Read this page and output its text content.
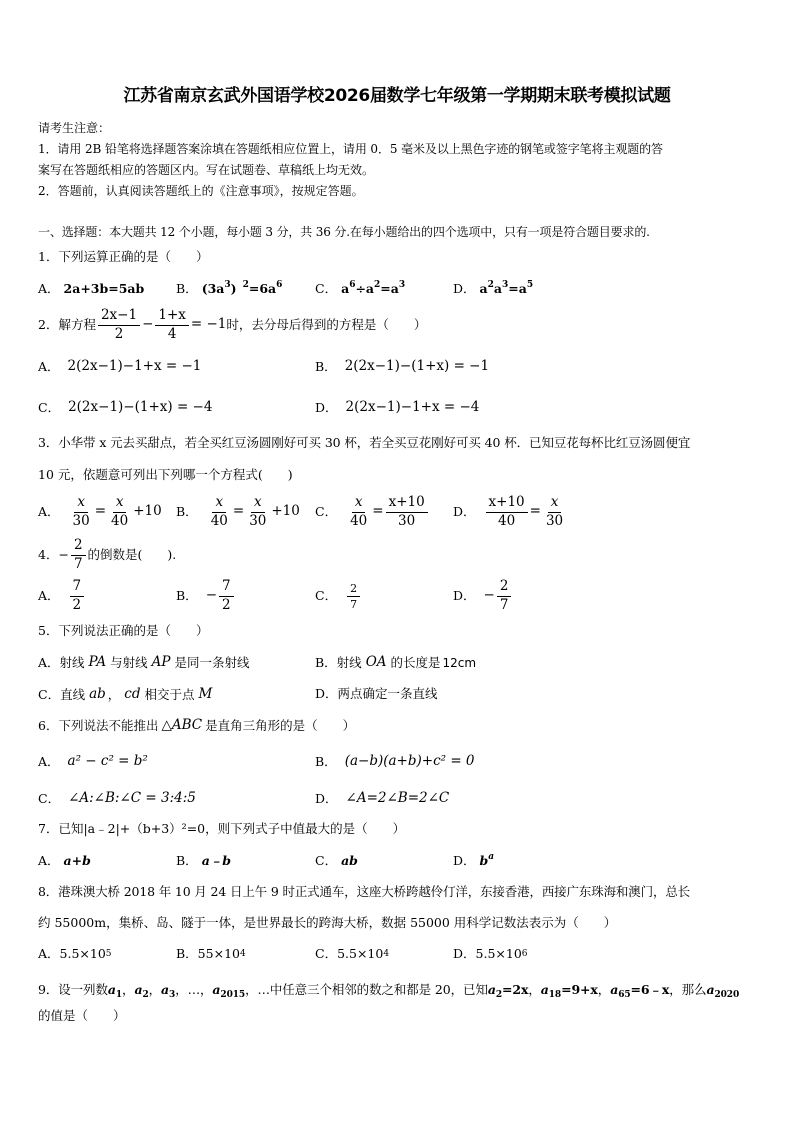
江苏省南京玄武外国语学校2026届数学七年级第一学期期末联考模拟试题
请考生注意：
1．请用 2B 铅笔将选择题答案涂填在答题纸相应位置上，请用 0．5 毫米及以上黑色字迹的钢笔或签字笔将主观题的答
案写在答题纸相应的答题区内。写在试题卷、草稿纸上均无效。
2．答题前，认真阅读答题纸上的《注意事项》，按规定答题。
一、选择题：本大题共 12 个小题，每小题 3 分，共 36 分.在每小题给出的四个选项中，只有一项是符合题目要求的.
1．下列运算正确的是（　　）
A． 2a+3b=5ab	B． $(3a^3)$ $^2=6a^6$	C． $a^6\div a^2=a^3$	D． $a^2a^3=a^5$
2．解方程 $\frac{2x-1}{2} - \frac{1+x}{4} = -1$ 时，去分母后得到的方程是（　　）
A． 2(2x−1)−1+x = −1	B． 2(2x−1)−(1+x) = −1
C． 2(2x−1)−(1+x) = −4	D． 2(2x−1)−1+x = −4
3．小华带 x 元去买甜点，若全买红豆汤圆刚好可买 30 杯，若全买豆花刚好可买 40 杯．已知豆花每杯比红豆汤圆便宜
10 元，依题意可列出下列哪一个方程式(　　)
A． $\frac{x}{30} = \frac{x}{40} +10$ B． $\frac{x}{40} = \frac{x}{30} +10$ C． $\frac{x}{40} = \frac{x+10}{30}$ D． $\frac{x+10}{40} = \frac{x}{30}$
4．− $\frac{2}{7}$ 的倒数是(　　).
A． $\frac{7}{2}$	B． − $\frac{7}{2}$	C． $\frac{2}{7}$	D． − $\frac{2}{7}$
5．下列说法正确的是（　　）
A．射线 PA 与射线 AP 是同一条射线	B．射线 OA 的长度是 12cm
C．直线 ab ， cd 相交于点 M	D．两点确定一条直线
6．下列说法不能推出 △ABC 是直角三角形的是（　　）
A． a² − c² = b²	B． (a−b)(a+b)+c² = 0
C． ∠A:∠B:∠C = 3:4:5	D． ∠A=2∠B=2∠C
7．已知|a﹣2|+（b+3）²=0，则下列式子中值最大的是（　　）
A． a+b	B． a﹣b	C． ab	D． $b^a$
8．港珠澳大桥 2018 年 10 月 24 日上午 9 时正式通车，这座大桥跨越伶仃洋，东接香港，西接广东珠海和澳门，总长
约 55000m，集桥、岛、隧于一体，是世界最长的跨海大桥，数据 55000 用科学记数法表示为（　　）
A．5.5×10 5	B．55×10 4	C．5.5×10 4	D．5.5×10 6
9．设一列数 $a_1$ ， $a_2$ ， $a_3$ ， … ， $a_{2015}$ ，…中任意三个相邻的数之和都是 20，已知 $a_2=2x$ ， $a_{18}=9+x$ ， $a_{65}=6﹣x$ ，那么 $a_{2020}$
的值是（　　）
